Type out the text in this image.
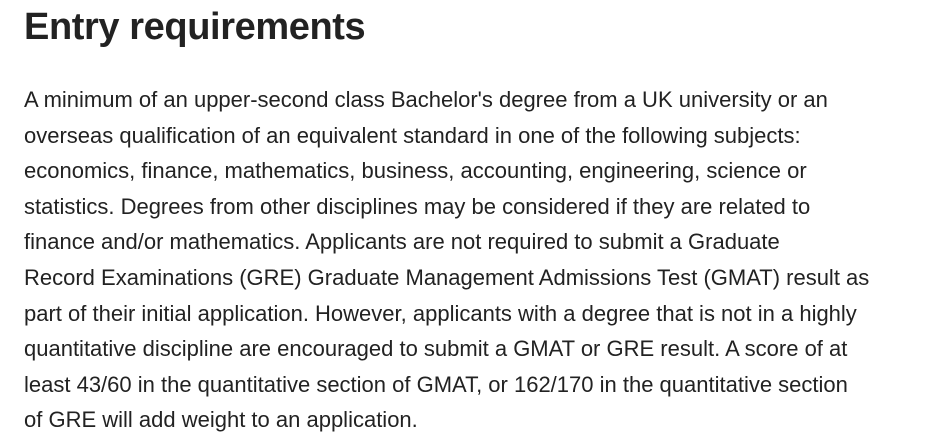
Entry requirements
A minimum of an upper-second class Bachelor's degree from a UK university or an
overseas qualification of an equivalent standard in one of the following subjects:
economics, finance, mathematics, business, accounting, engineering, science or
statistics. Degrees from other disciplines may be considered if they are related to
finance and/or mathematics. Applicants are not required to submit a Graduate
Record Examinations (GRE) Graduate Management Admissions Test (GMAT) result as
part of their initial application. However, applicants with a degree that is not in a highly
quantitative discipline are encouraged to submit a GMAT or GRE result. A score of at
least 43/60 in the quantitative section of GMAT, or 162/170 in the quantitative section
of GRE will add weight to an application.
